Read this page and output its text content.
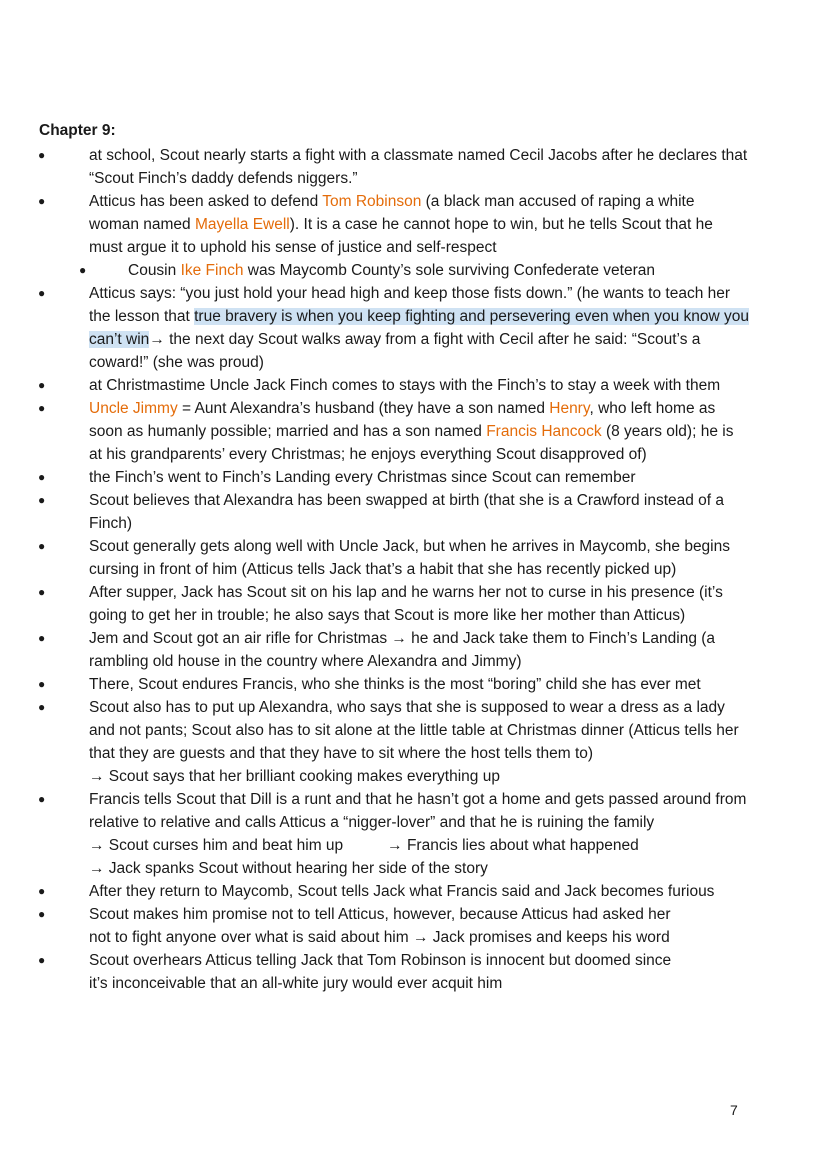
Chapter 9:
●	at school, Scout nearly starts a fight with a classmate named Cecil Jacobs after he declares that
“Scout Finch’s daddy defends niggers.”
●	Atticus has been asked to defend Tom Robinson (a black man accused of raping a white
woman named Mayella Ewell). It is a case he cannot hope to win, but he tells Scout that he
must argue it to uphold his sense of justice and self-respect
●	Cousin Ike Finch was Maycomb County’s sole surviving Confederate veteran
●	Atticus says: “you just hold your head high and keep those fists down.” (he wants to teach her
the lesson that true bravery is when you keep fighting and persevering even when you know you
can’t win→ the next day Scout walks away from a fight with Cecil after he said: “Scout’s a
coward!” (she was proud)
●	at Christmastime Uncle Jack Finch comes to stays with the Finch’s to stay a week with them
●	Uncle Jimmy = Aunt Alexandra’s husband (they have a son named Henry, who left home as
soon as humanly possible; married and has a son named Francis Hancock (8 years old); he is
at his grandparents’ every Christmas; he enjoys everything Scout disapproved of)
●	the Finch’s went to Finch’s Landing every Christmas since Scout can remember
●	Scout believes that Alexandra has been swapped at birth (that she is a Crawford instead of a
Finch)
●	Scout generally gets along well with Uncle Jack, but when he arrives in Maycomb, she begins
cursing in front of him (Atticus tells Jack that’s a habit that she has recently picked up)
●	After supper, Jack has Scout sit on his lap and he warns her not to curse in his presence (it’s
going to get her in trouble; he also says that Scout is more like her mother than Atticus)
●	Jem and Scout got an air rifle for Christmas → he and Jack take them to Finch’s Landing (a
rambling old house in the country where Alexandra and Jimmy)
●	There, Scout endures Francis, who she thinks is the most “boring” child she has ever met
●	Scout also has to put up Alexandra, who says that she is supposed to wear a dress as a lady
and not pants; Scout also has to sit alone at the little table at Christmas dinner (Atticus tells her
that they are guests and that they have to sit where the host tells them to)
→ Scout says that her brilliant cooking makes everything up
●	Francis tells Scout that Dill is a runt and that he hasn’t got a home and gets passed around from
relative to relative and calls Atticus a “nigger-lover” and that he is ruining the family
→ Scout curses him and beat him up	→ Francis lies about what happened
→ Jack spanks Scout without hearing her side of the story
●	After they return to Maycomb, Scout tells Jack what Francis said and Jack becomes furious
●	Scout makes him promise not to tell Atticus, however, because Atticus had asked her
not to fight anyone over what is said about him → Jack promises and keeps his word
●	Scout overhears Atticus telling Jack that Tom Robinson is innocent but doomed since
it’s inconceivable that an all-white jury would ever acquit him
7
